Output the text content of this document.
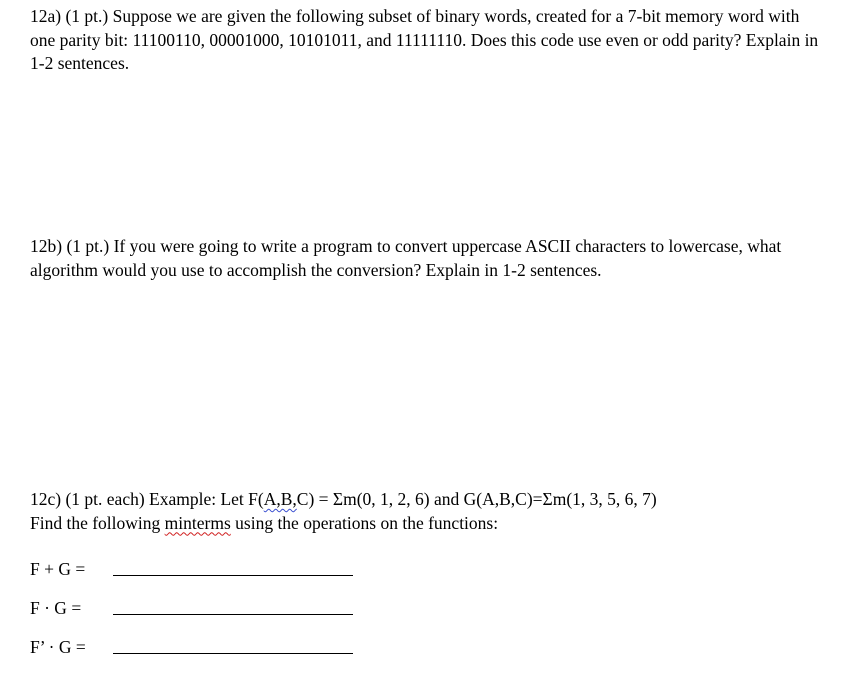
12a) (1 pt.) Suppose we are given the following subset of binary words, created for a 7-bit memory word with one parity bit: 11100110, 00001000, 10101011, and 11111110. Does this code use even or odd parity? Explain in 1-2 sentences.

12b) (1 pt.) If you were going to write a program to convert uppercase ASCII characters to lowercase, what algorithm would you use to accomplish the conversion? Explain in 1-2 sentences.

12c) (1 pt. each) Example: Let F(A,B,C) = Σm(0, 1, 2, 6) and G(A,B,C)=Σm(1, 3, 5, 6, 7)
Find the following minterms using the operations on the functions:

F + G =
F · G =
F’ · G =
